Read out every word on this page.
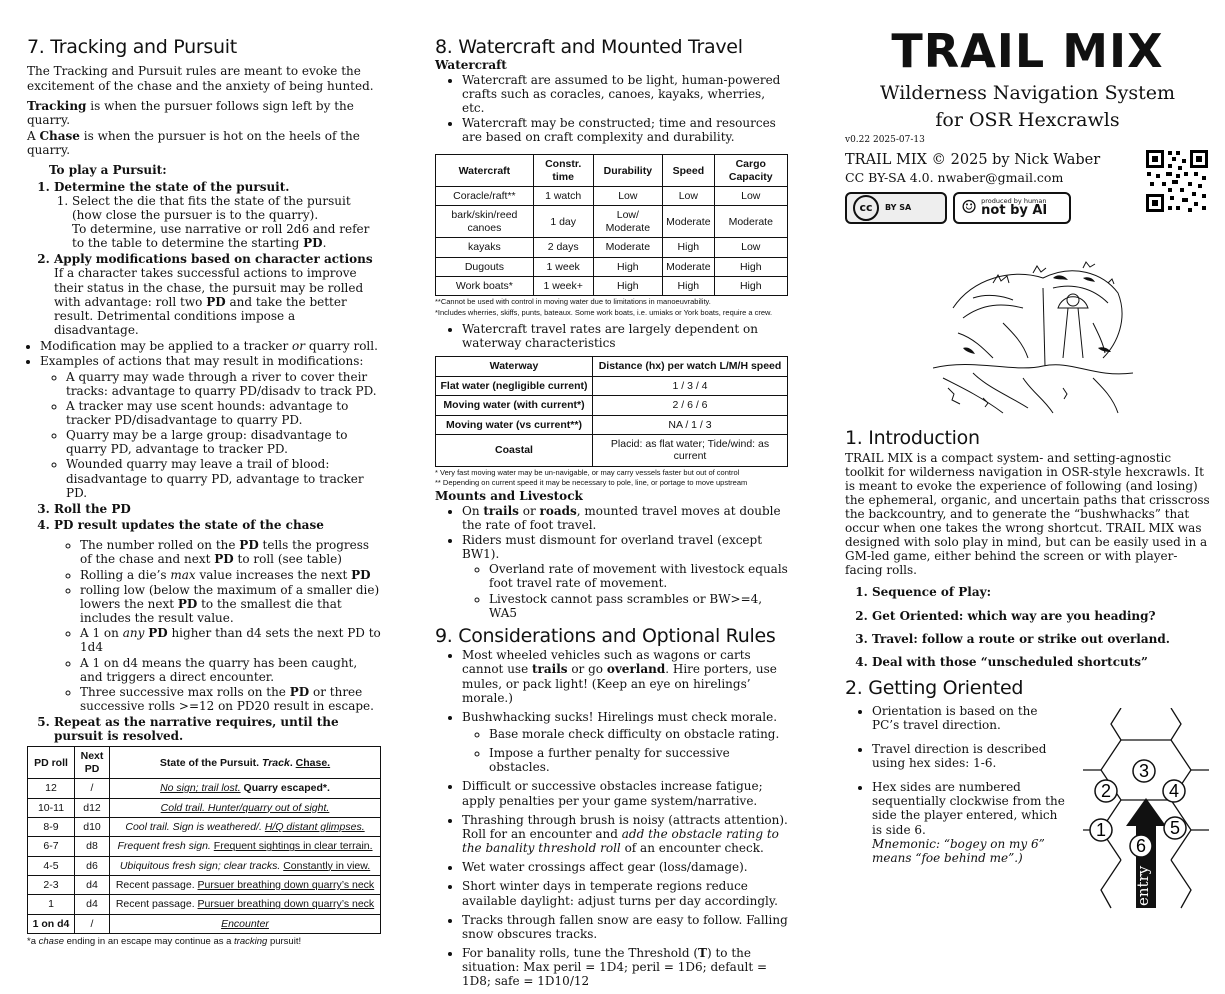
7. Tracking and Pursuit

The Tracking and Pursuit rules are meant to evoke the excitement of the chase and the anxiety of being hunted.

Tracking is when the pursuer follows sign left by the quarry.

A Chase is when the pursuer is hot on the heels of the quarry.

To play a Pursuit:

1. Determine the state of the pursuit.
1. Select the die that fits the state of the pursuit (how close the pursuer is to the quarry).
To determine, use narrative or roll 2d6 and refer to the table to determine the starting PD.
2. Apply modifications based on character actions
If a character takes successful actions to improve their status in the chase, the pursuit may be rolled with advantage: roll two PD and take the better result. Detrimental conditions impose a disadvantage.
• Modification may be applied to a tracker or quarry roll.
• Examples of actions that may result in modifications:
◦ A quarry may wade through a river to cover their tracks: advantage to quarry PD/disadv to track PD.
◦ A tracker may use scent hounds: advantage to tracker PD/disadvantage to quarry PD.
◦ Quarry may be a large group: disadvantage to quarry PD, advantage to tracker PD.
◦ Wounded quarry may leave a trail of blood: disadvantage to quarry PD, advantage to tracker PD.
3. Roll the PD
4. PD result updates the state of the chase
◦ The number rolled on the PD tells the progress of the chase and next PD to roll (see table)
◦ Rolling a die’s max value increases the next PD
◦ rolling low (below the maximum of a smaller die) lowers the next PD to the smallest die that includes the result value.
◦ A 1 on any PD higher than d4 sets the next PD to 1d4
◦ A 1 on d4 means the quarry has been caught, and triggers a direct encounter.
◦ Three successive max rolls on the PD or three successive rolls >=12 on PD20 result in escape.
5. Repeat as the narrative requires, until the pursuit is resolved.
PD roll	Next PD	State of the Pursuit. Track. Chase.
12	/	No sign; trail lost. Quarry escaped*.
10-11	d12	Cold trail. Hunter/quarry out of sight.
8-9	d10	Cool trail. Sign is weathered/. H/Q distant glimpses.
6-7	d8	Frequent fresh sign. Frequent sightings in clear terrain.
4-5	d6	Ubiquitous fresh sign; clear tracks. Constantly in view.
2-3	d4	Recent passage. Pursuer breathing down quarry’s neck
1	d4	Recent passage. Pursuer breathing down quarry’s neck
1 on d4	/	Encounter

*a chase ending in an escape may continue as a tracking pursuit!

8. Watercraft and Mounted Travel

Watercraft

• Watercraft are assumed to be light, human-powered crafts such as coracles, canoes, kayaks, wherries, etc.
• Watercraft may be constructed; time and resources are based on craft complexity and durability.
Watercraft	Constr. time	Durability	Speed	Cargo Capacity
Coracle/raft**	1 watch	Low	Low	Low
bark/skin/reed canoes	1 day	Low/ Moderate	Moderate	Moderate
kayaks	2 days	Moderate	High	Low
Dugouts	1 week	High	Moderate	High
Work boats*	1 week+	High	High	High

**Cannot be used with control in moving water due to limitations in manoeuvrability.

*Includes wherries, skiffs, punts, bateaux. Some work boats, i.e. umiaks or York boats, require a crew.

• Watercraft travel rates are largely dependent on waterway characteristics
Waterway	Distance (hx) per watch L/M/H speed
Flat water (negligible current)	1 / 3 / 4
Moving water (with current*)	2 / 6 / 6
Moving water (vs current**)	NA / 1 / 3
Coastal	Placid: as flat water; Tide/wind: as current

* Very fast moving water may be un-navigable, or may carry vessels faster but out of control

** Depending on current speed it may be necessary to pole, line, or portage to move upstream

Mounts and Livestock

• On trails or roads, mounted travel moves at double the rate of foot travel.
• Riders must dismount for overland travel (except BW1).
◦ Overland rate of movement with livestock equals foot travel rate of movement.
◦ Livestock cannot pass scrambles or BW>=4, WA5
9. Considerations and Optional Rules
• Most wheeled vehicles such as wagons or carts cannot use trails or go overland. Hire porters, use mules, or pack light! (Keep an eye on hirelings’ morale.)
• Bushwhacking sucks! Hirelings must check morale.
◦ Base morale check difficulty on obstacle rating.
◦ Impose a further penalty for successive obstacles.
• Difficult or successive obstacles increase fatigue; apply penalties per your game system/narrative.
• Thrashing through brush is noisy (attracts attention). Roll for an encounter and add the obstacle rating to the banality threshold roll of an encounter check.
• Wet water crossings affect gear (loss/damage).
• Short winter days in temperate regions reduce available daylight: adjust turns per day accordingly.
• Tracks through fallen snow are easy to follow. Falling snow obscures tracks.
• For banality rolls, tune the Threshold (T) to the situation: Max peril = 1D4; peril = 1D6; default = 1D8; safe = 1D10/12
TRAIL MIX
Wilderness Navigation System
for OSR Hexcrawls
v0.22 2025-07-13
TRAIL MIX © 2025 by Nick Waber
CC BY-SA 4.0. nwaber@gmail.com
cc	BY SA	☺ produced by human
not by AI
1. Introduction

TRAIL MIX is a compact system- and setting-agnostic toolkit for wilderness navigation in OSR-style hexcrawls. It is meant to evoke the experience of following (and losing) the ephemeral, organic, and uncertain paths that crisscross the backcountry, and to generate the “bushwhacks” that occur when one takes the wrong shortcut. TRAIL MIX was designed with solo play in mind, but can be easily used in a GM-led game, either behind the screen or with player-facing rolls.

1. Sequence of Play:
2. Get Oriented: which way are you heading?
3. Travel: follow a route or strike out overland.
4. Deal with those “unscheduled shortcuts”
2. Getting Oriented
• Orientation is based on the PC’s travel direction.
• Travel direction is described using hex sides: 1-6.
• Hex sides are numbered sequentially clockwise from the side the player entered, which is side 6.
Mnemonic: “bogey on my 6”
means “foe behind me”.)
1
2
3
4
5
6
entry
